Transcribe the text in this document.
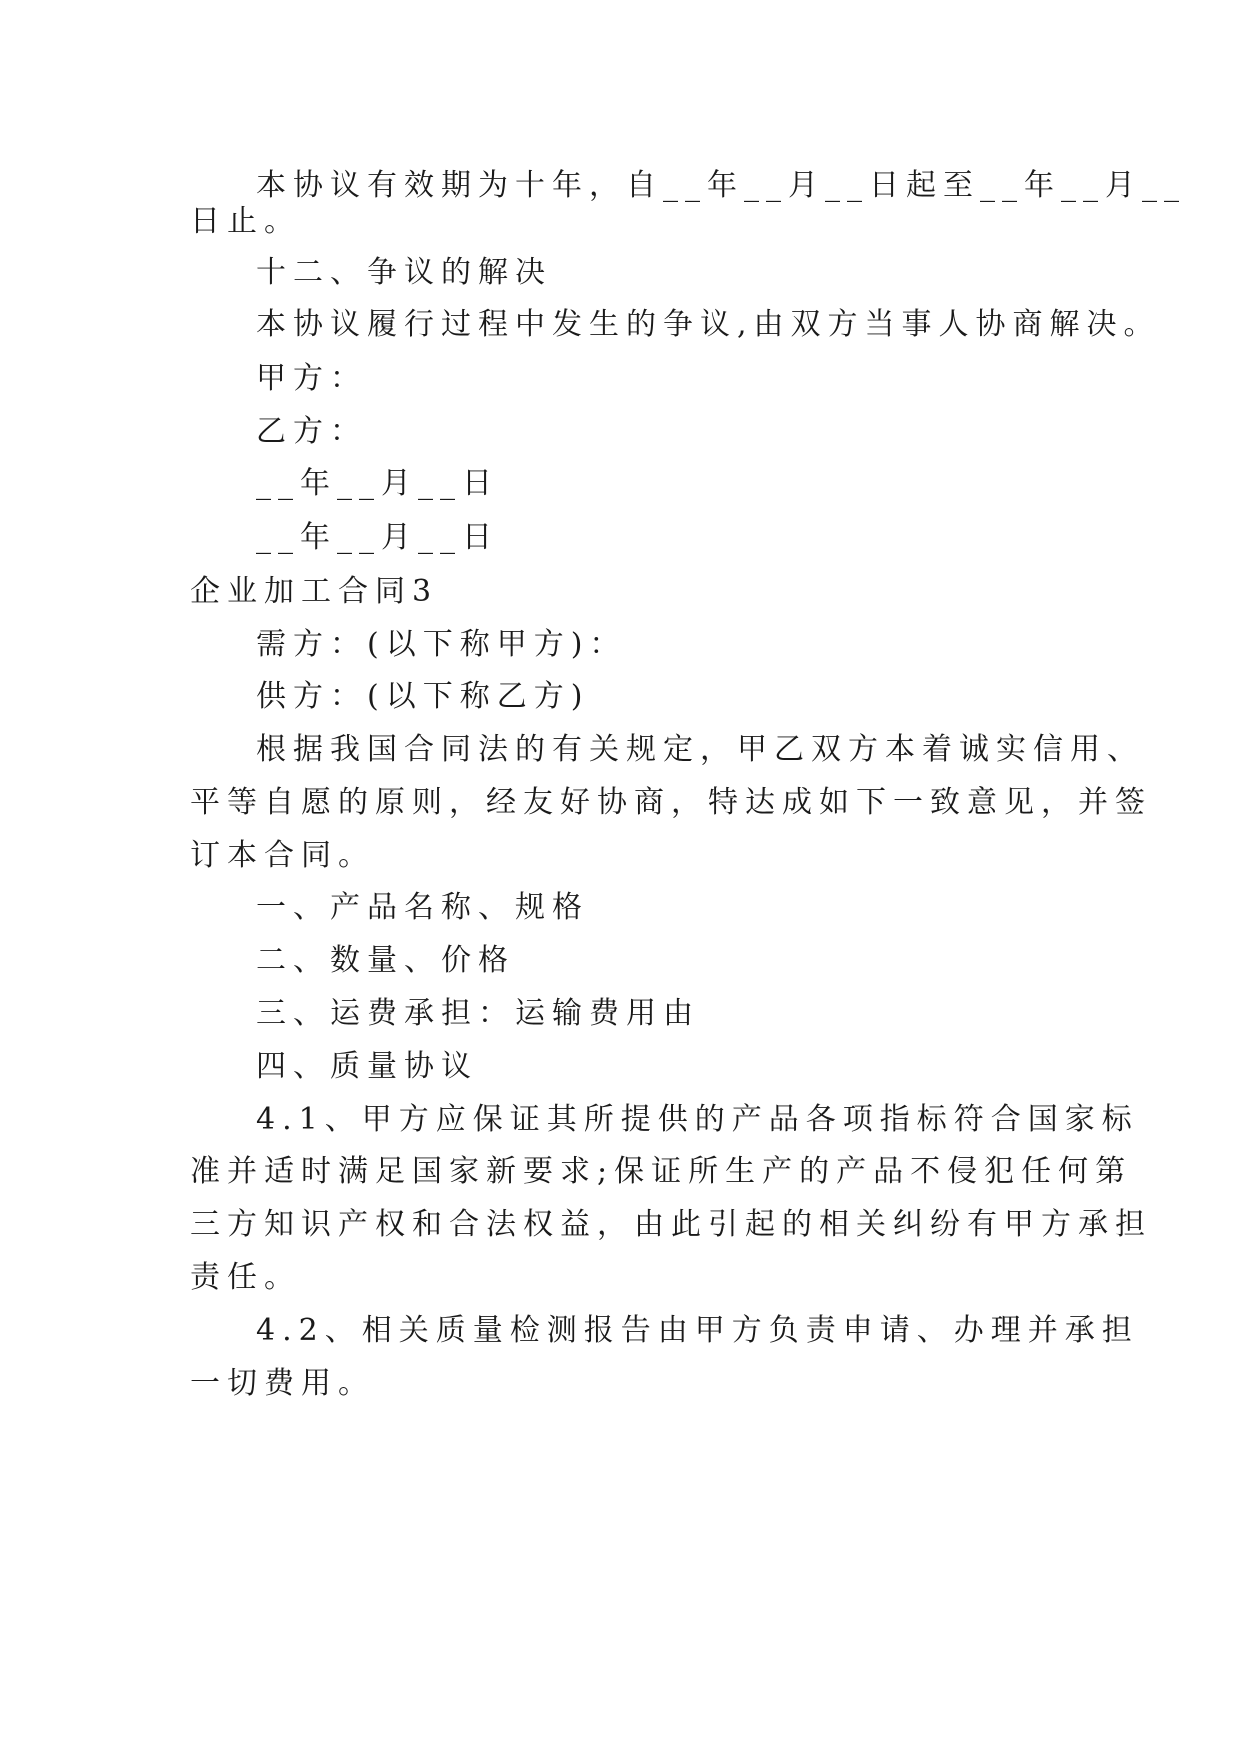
本协议有效期为十年，自__年__月__日起至__年__月__
日止。
十二、争议的解决
本协议履行过程中发生的争议,由双方当事人协商解决。
甲方：
乙方：
__年__月__日
__年__月__日
企业加工合同3
需方：(以下称甲方)：
供方：(以下称乙方)
根据我国合同法的有关规定，甲乙双方本着诚实信用、
平等自愿的原则，经友好协商，特达成如下一致意见，并签
订本合同。
一、产品名称、规格
二、数量、价格
三、运费承担：运输费用由
四、质量协议
4.1、甲方应保证其所提供的产品各项指标符合国家标
准并适时满足国家新要求;保证所生产的产品不侵犯任何第
三方知识产权和合法权益，由此引起的相关纠纷有甲方承担
责任。
4.2、相关质量检测报告由甲方负责申请、办理并承担
一切费用。
